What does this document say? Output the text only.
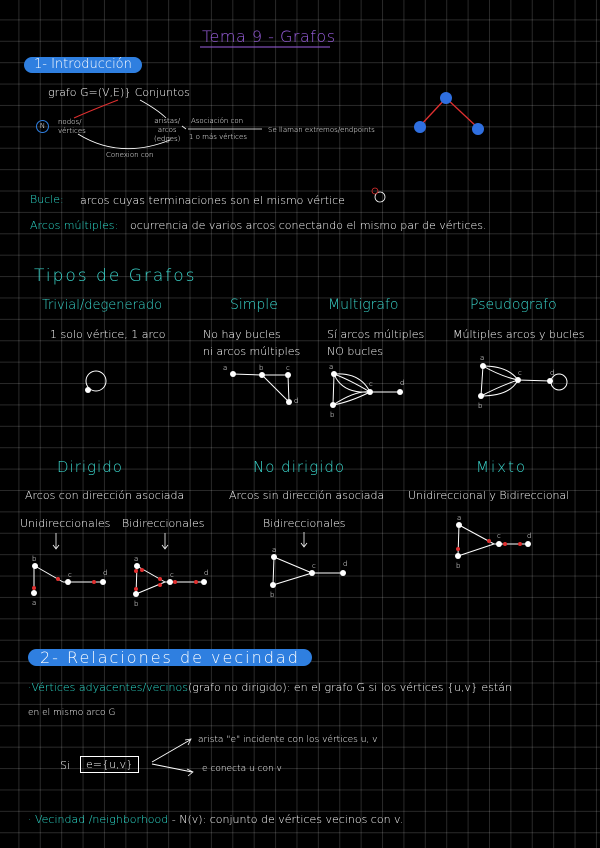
Tema 9 - Grafos
1- Introducción
grafo G=(V,E)} Conjuntos
N	nodos/
vértices
aristas/
arcos
(edges)
Asociación con
1 o más vértices
Se llaman extremos/endpoints
Conexion con
Bucle: arcos cuyas terminaciones son el mismo vértice
Arcos múltiples: ocurrencia de varios arcos conectando el mismo par de vértices.
Tipos de Grafos
Trivial/degenerado
1 solo vértice, 1 arco
Simple
No hay bucles
ni arcos múltiples
Multigrafo
Sí arcos múltiples
NO bucles
Pseudografo
Múltiples arcos y bucles
a	b	c
d
a
c	d
b
a
c	d
b
b
c	d
a
a
c	d
b
a
c	d
b
a
c	d
b
Dirigido
Arcos con dirección asociada
Unidireccionales Bidireccionales
No dirigido
Arcos sin dirección asociada
Bidireccionales
Mixto
Unidireccional y Bidireccional
2- Relaciones de vecindad
·Vértices adyacentes/vecinos(grafo no dirigido): en el grafo G si los vértices {u,v} están
en el mismo arco G
Si	e={u,v}
arista "e" incidente con los vértices u, v
e conecta u con v
· Vecindad /neighborhood - N(v): conjunto de vértices vecinos con v.
